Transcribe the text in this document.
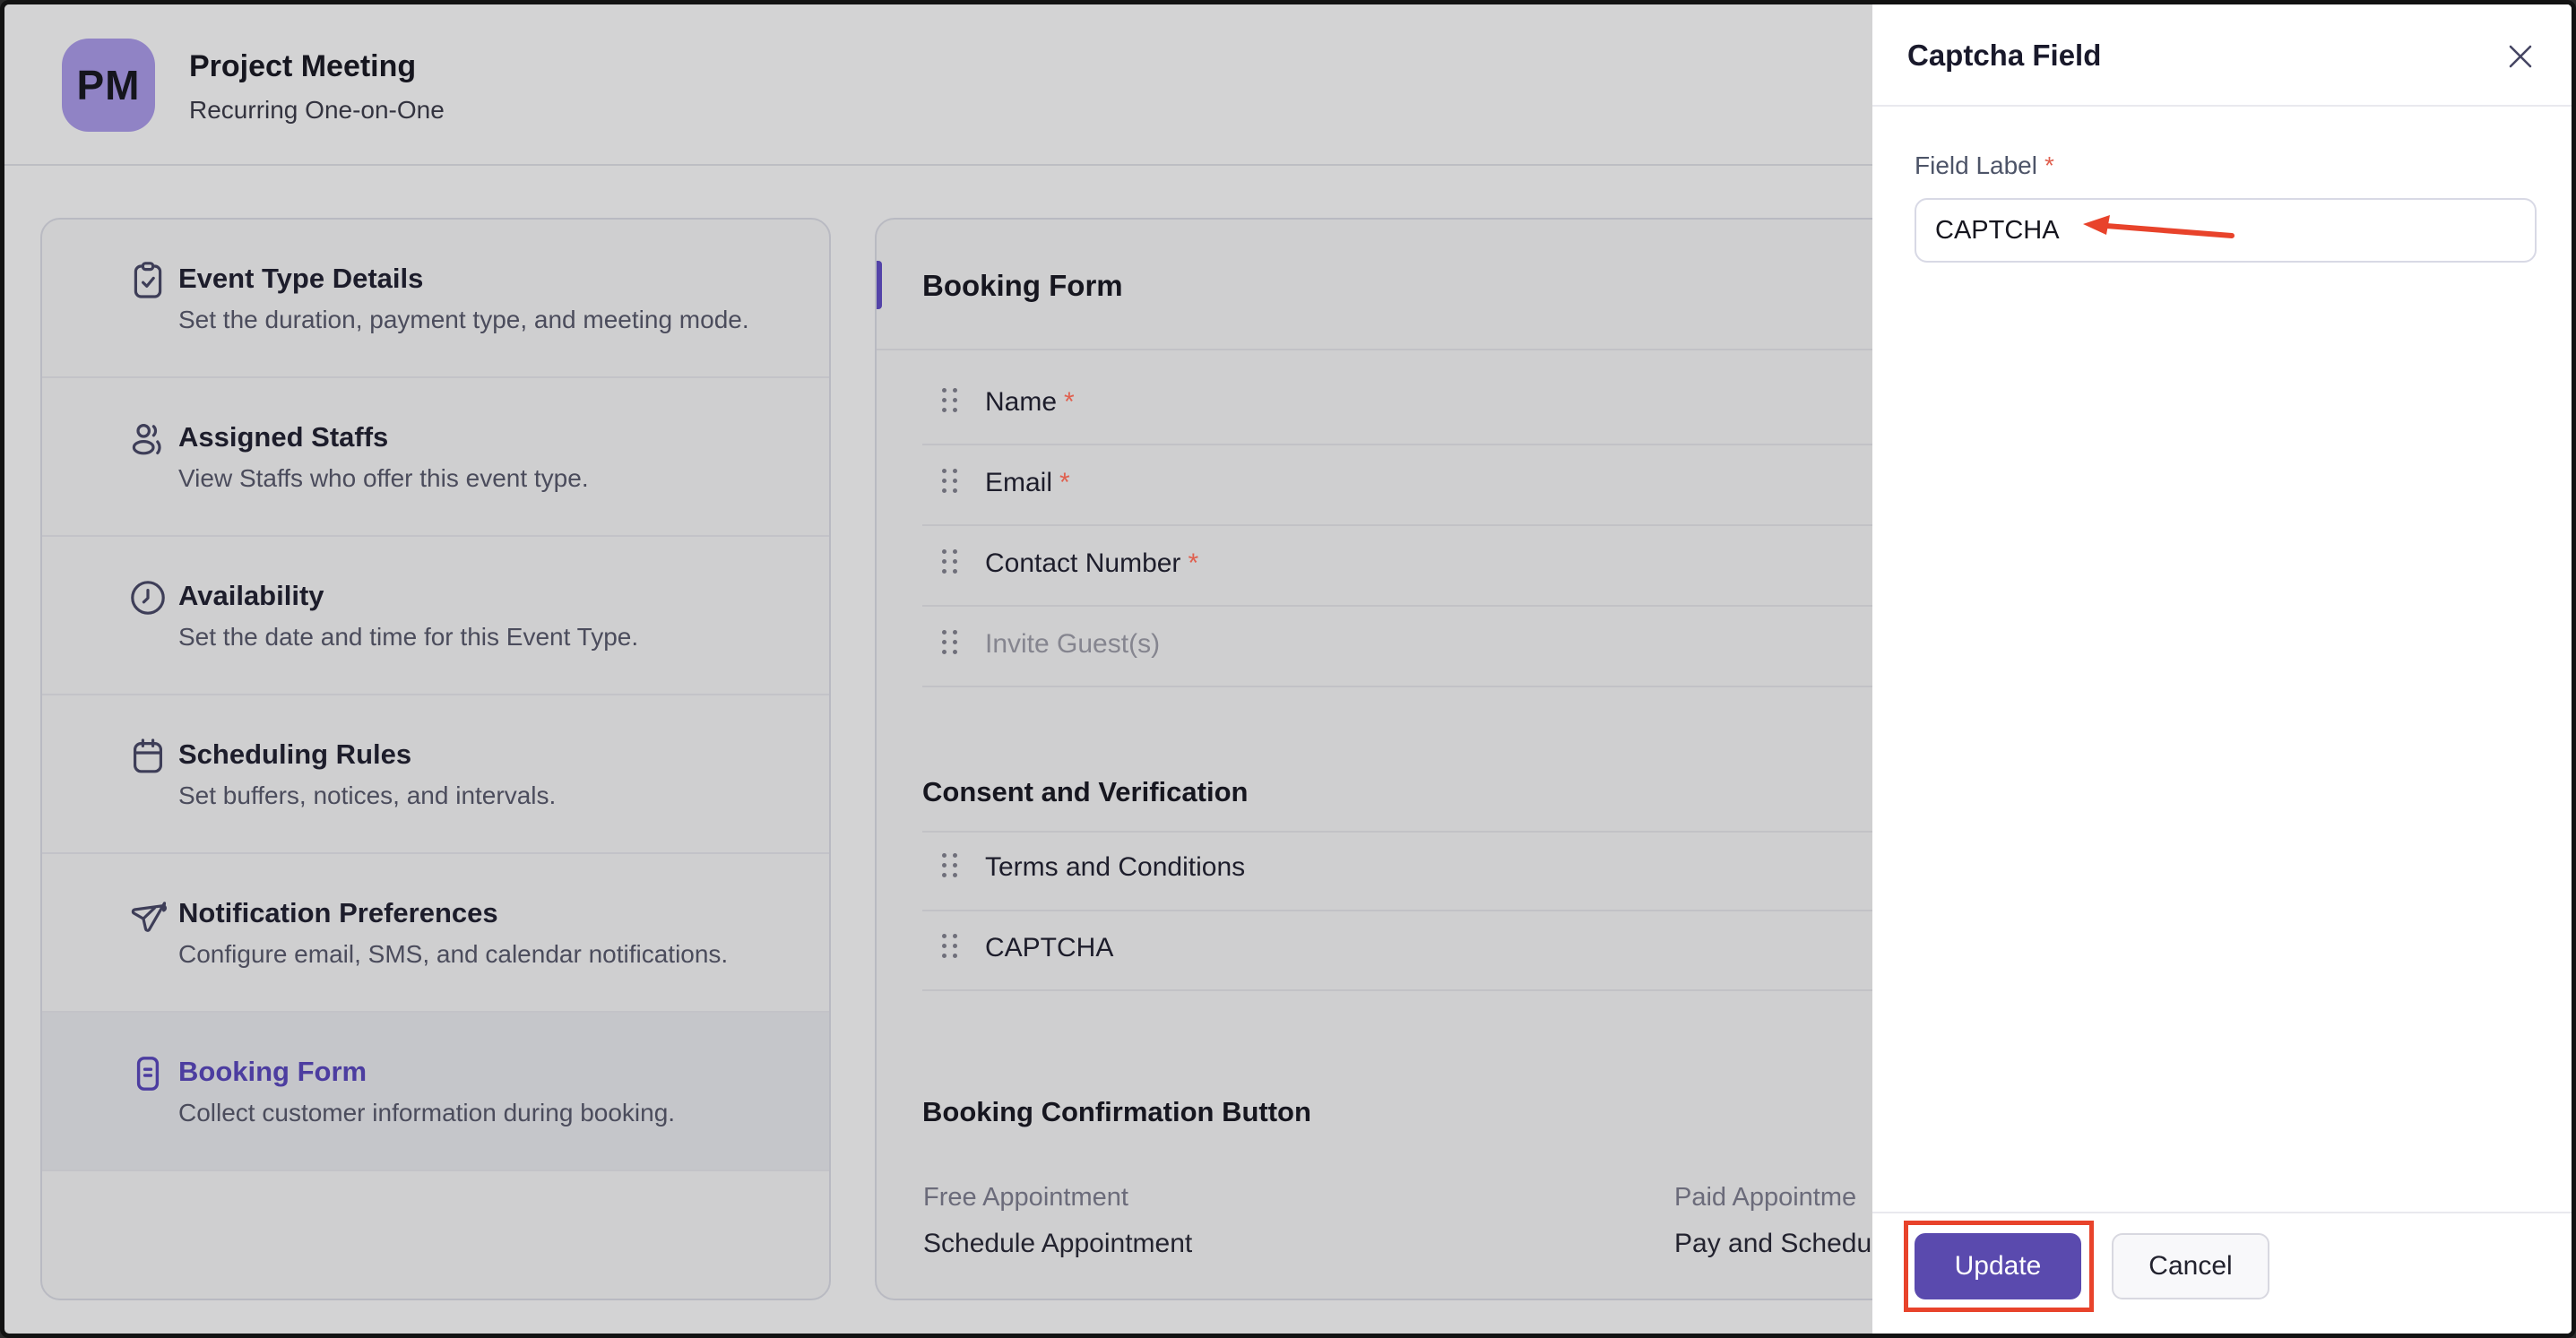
PM	Project Meeting
Recurring One-on-One
Event Type Details
Set the duration, payment type, and meeting mode.
Assigned Staffs
View Staffs who offer this event type.
Availability
Set the date and time for this Event Type.
Scheduling Rules
Set buffers, notices, and intervals.
Notification Preferences
Configure email, SMS, and calendar notifications.
Booking Form
Collect customer information during booking.
Booking Form
Name *
Email *
Contact Number *
Invite Guest(s)
Consent and Verification
Terms and Conditions
CAPTCHA
Booking Confirmation Button
Free Appointment
Schedule Appointment
Paid Appointme
Pay and Schedu
Captcha Field
Field Label *
CAPTCHA
Update	Cancel
